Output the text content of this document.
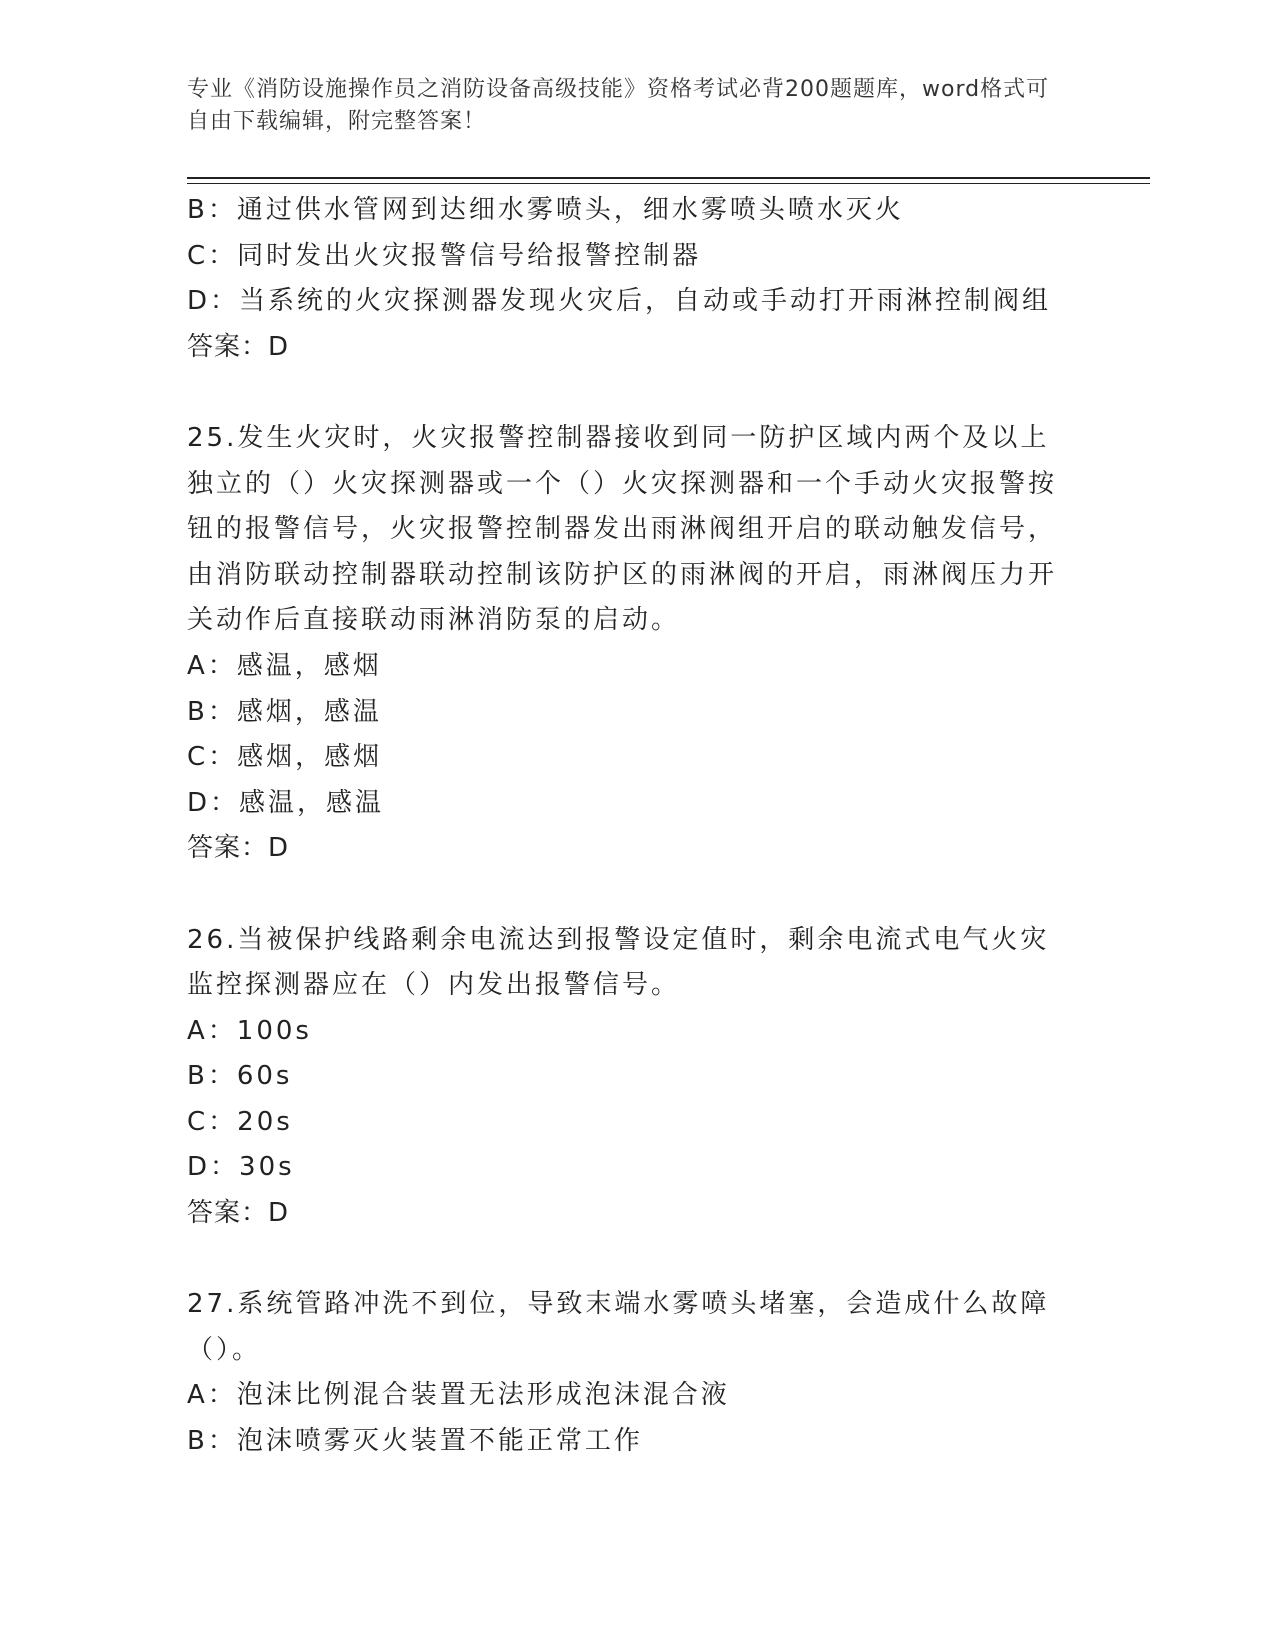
专业《消防设施操作员之消防设备高级技能》资格考试必背200题题库，word格式可自由下载编辑，附完整答案！
B：通过供水管网到达细水雾喷头，细水雾喷头喷水灭火
C：同时发出火灾报警信号给报警控制器
D：当系统的火灾探测器发现火灾后，自动或手动打开雨淋控制阀组
答案：D
25.发生火灾时，火灾报警控制器接收到同一防护区域内两个及以上独立的（）火灾探测器或一个（）火灾探测器和一个手动火灾报警按钮的报警信号，火灾报警控制器发出雨淋阀组开启的联动触发信号，由消防联动控制器联动控制该防护区的雨淋阀的开启，雨淋阀压力开关动作后直接联动雨淋消防泵的启动。
A：感温，感烟
B：感烟，感温
C：感烟，感烟
D：感温，感温
答案：D
26.当被保护线路剩余电流达到报警设定值时，剩余电流式电气火灾监控探测器应在（）内发出报警信号。
A：100s
B：60s
C：20s
D：30s
答案：D
27.系统管路冲洗不到位，导致末端水雾喷头堵塞，会造成什么故障（）。
A：泡沫比例混合装置无法形成泡沫混合液
B：泡沫喷雾灭火装置不能正常工作
